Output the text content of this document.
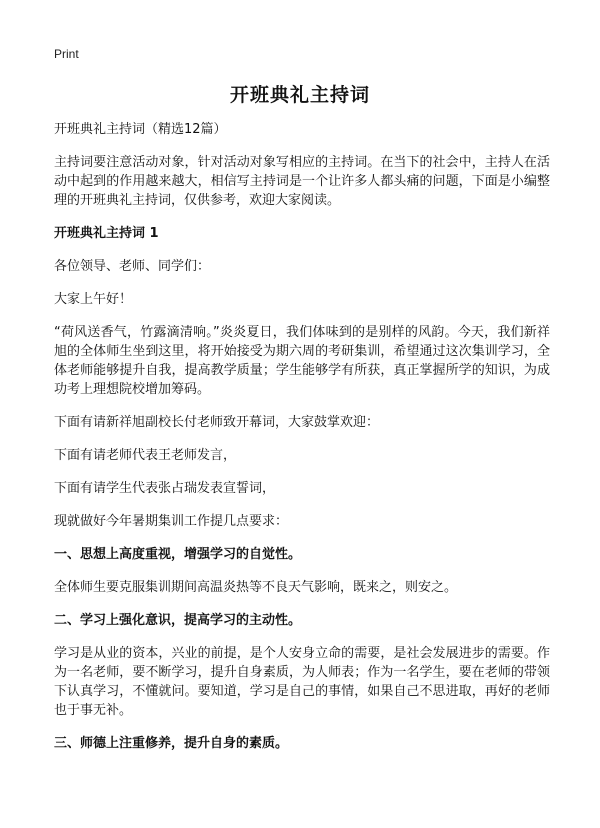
Print
开班典礼主持词

开班典礼主持词（精选12篇）

主持词要注意活动对象，针对活动对象写相应的主持词。在当下的社会中，主持人在活动中起到的作用越来越大，相信写主持词是一个让许多人都头痛的问题，下面是小编整理的开班典礼主持词，仅供参考，欢迎大家阅读。

开班典礼主持词 1

各位领导、老师、同学们：

大家上午好！

“荷风送香气，竹露滴清响。”炎炎夏日，我们体味到的是别样的风韵。今天，我们新祥旭的全体师生坐到这里，将开始接受为期六周的考研集训，希望通过这次集训学习，全体老师能够提升自我，提高教学质量；学生能够学有所获，真正掌握所学的知识，为成功考上理想院校增加筹码。

下面有请新祥旭副校长付老师致开幕词，大家鼓掌欢迎：

下面有请老师代表王老师发言，

下面有请学生代表张占瑞发表宣誓词，

现就做好今年暑期集训工作提几点要求：

一、思想上高度重视，增强学习的自觉性。

全体师生要克服集训期间高温炎热等不良天气影响，既来之，则安之。

二、学习上强化意识，提高学习的主动性。

学习是从业的资本，兴业的前提，是个人安身立命的需要，是社会发展进步的需要。作为一名老师，要不断学习，提升自身素质，为人师表；作为一名学生，要在老师的带领下认真学习，不懂就问。要知道，学习是自己的事情，如果自己不思进取，再好的老师也于事无补。

三、师德上注重修养，提升自身的素质。
